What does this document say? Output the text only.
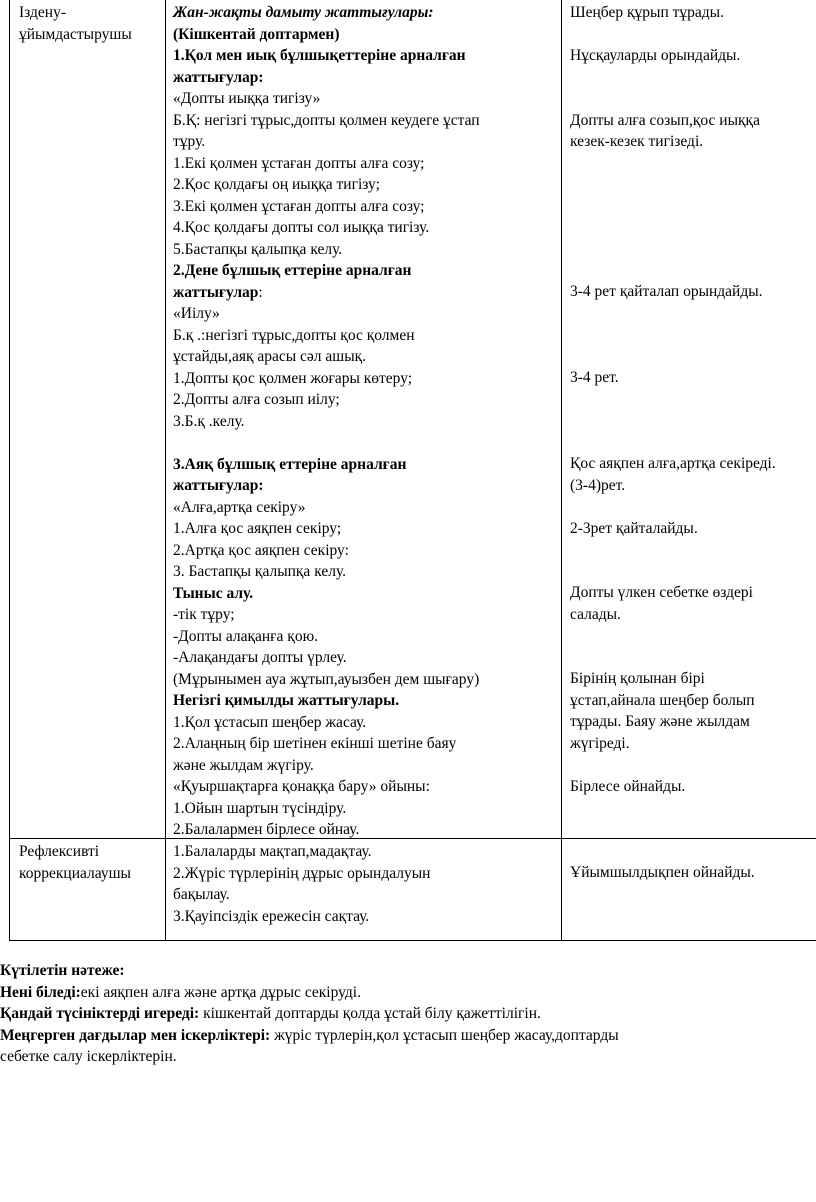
Іздену-
ұйымдастырушы
Рефлексивті
коррекциалаушы
Жан-жақты дамыту жаттығулары:
(Кішкентай доптармен)
1.Қол мен иық бұлшықеттеріне арналған
жаттығулар:
«Допты иыққа тигізу»
Б.Қ: негізгі тұрыс,допты қолмен кеудеге ұстап
тұру.
1.Екі қолмен ұстаған допты алға созу;
2.Қос қолдағы оң иыққа тигізу;
3.Екі қолмен ұстаған допты алға созу;
4.Қос қолдағы допты сол иыққа тигізу.
5.Бастапқы қалыпқа келу.
2.Дене бұлшық еттеріне арналған
жаттығулар:
«Иілу»
Б.қ .:негізгі тұрыс,допты қос қолмен
ұстайды,аяқ арасы сәл ашық.
1.Допты қос қолмен жоғары көтеру;
2.Допты алға созып иілу;
3.Б.қ .келу.
3.Аяқ бұлшық еттеріне арналған
жаттығулар:
«Алға,артқа секіру»
1.Алға қос аяқпен секіру;
2.Артқа қос аяқпен секіру:
3. Бастапқы қалыпқа келу.
Тыныс алу.
-тік тұру;
-Допты алақанға қою.
-Алақандағы допты үрлеу.
(Мұрынымен ауа жұтып,ауызбен дем шығару)
Негізгі қимылды жаттығулары.
1.Қол ұстасып шеңбер жасау.
2.Алаңның бір шетінен екінші шетіне баяу
және жылдам жүгіру.
«Қуыршақтарға қонаққа бару» ойыны:
1.Ойын шартын түсіндіру.
2.Балалармен бірлесе ойнау.
1.Балаларды мақтап,мадақтау.
2.Жүріс түрлерінің дұрыс орындалуын
бақылау.
3.Қауіпсіздік ережесін сақтау.
Шеңбер құрып тұрады.
Нұсқауларды орындайды.
Допты алға созып,қос иыққа
кезек-кезек тигізеді.
3-4 рет қайталап орындайды.
3-4 рет.
Қос аяқпен алға,артқа секіреді.
(3-4)рет.
2-3рет қайталайды.
Допты үлкен себетке өздері
салады.
Бірінің қолынан бірі
ұстап,айнала шеңбер болып
тұрады. Баяу және жылдам
жүгіреді.
Бірлесе ойнайды.
Ұйымшылдықпен ойнайды.
Күтілетін нәтеже:
Нені біледі:екі аяқпен алға және артқа дұрыс секіруді.
Қандай түсініктерді игереді: кішкентай доптарды қолда ұстай білу қажеттілігін.
Меңгерген дағдылар мен іскерліктері: жүріс түрлерін,қол ұстасып шеңбер жасау,доптарды
себетке салу іскерліктерін.
